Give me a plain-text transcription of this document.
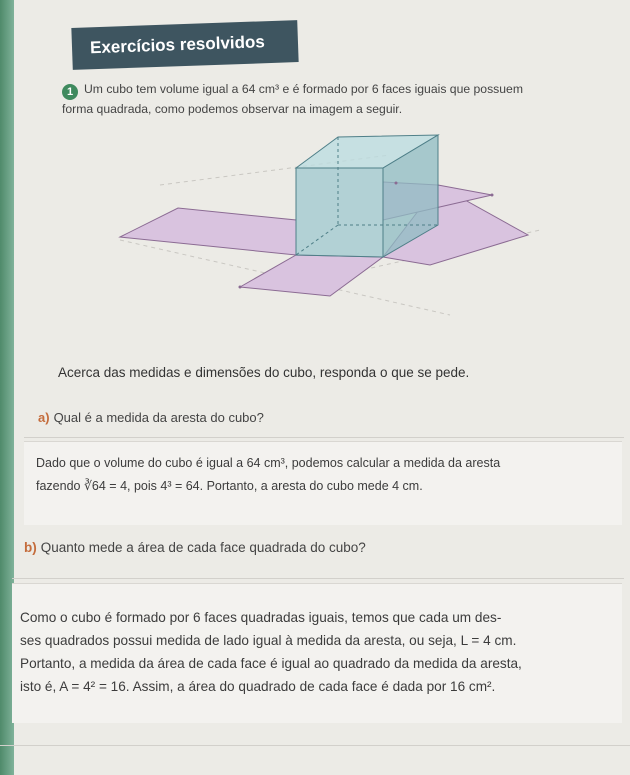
Exercícios resolvidos
1 Um cubo tem volume igual a 64 cm³ e é formado por 6 faces iguais que possuem
forma quadrada, como podemos observar na imagem a seguir.
Acerca das medidas e dimensões do cubo, responda o que se pede.
a) Qual é a medida da aresta do cubo?
Dado que o volume do cubo é igual a 64 cm³, podemos calcular a medida da aresta
fazendo ∛64 = 4, pois 4³ = 64. Portanto, a aresta do cubo mede 4 cm.
b) Quanto mede a área de cada face quadrada do cubo?
Como o cubo é formado por 6 faces quadradas iguais, temos que cada um des-
ses quadrados possui medida de lado igual à medida da aresta, ou seja, L = 4 cm.
Portanto, a medida da área de cada face é igual ao quadrado da medida da aresta,
isto é, A = 4² = 16. Assim, a área do quadrado de cada face é dada por 16 cm².
